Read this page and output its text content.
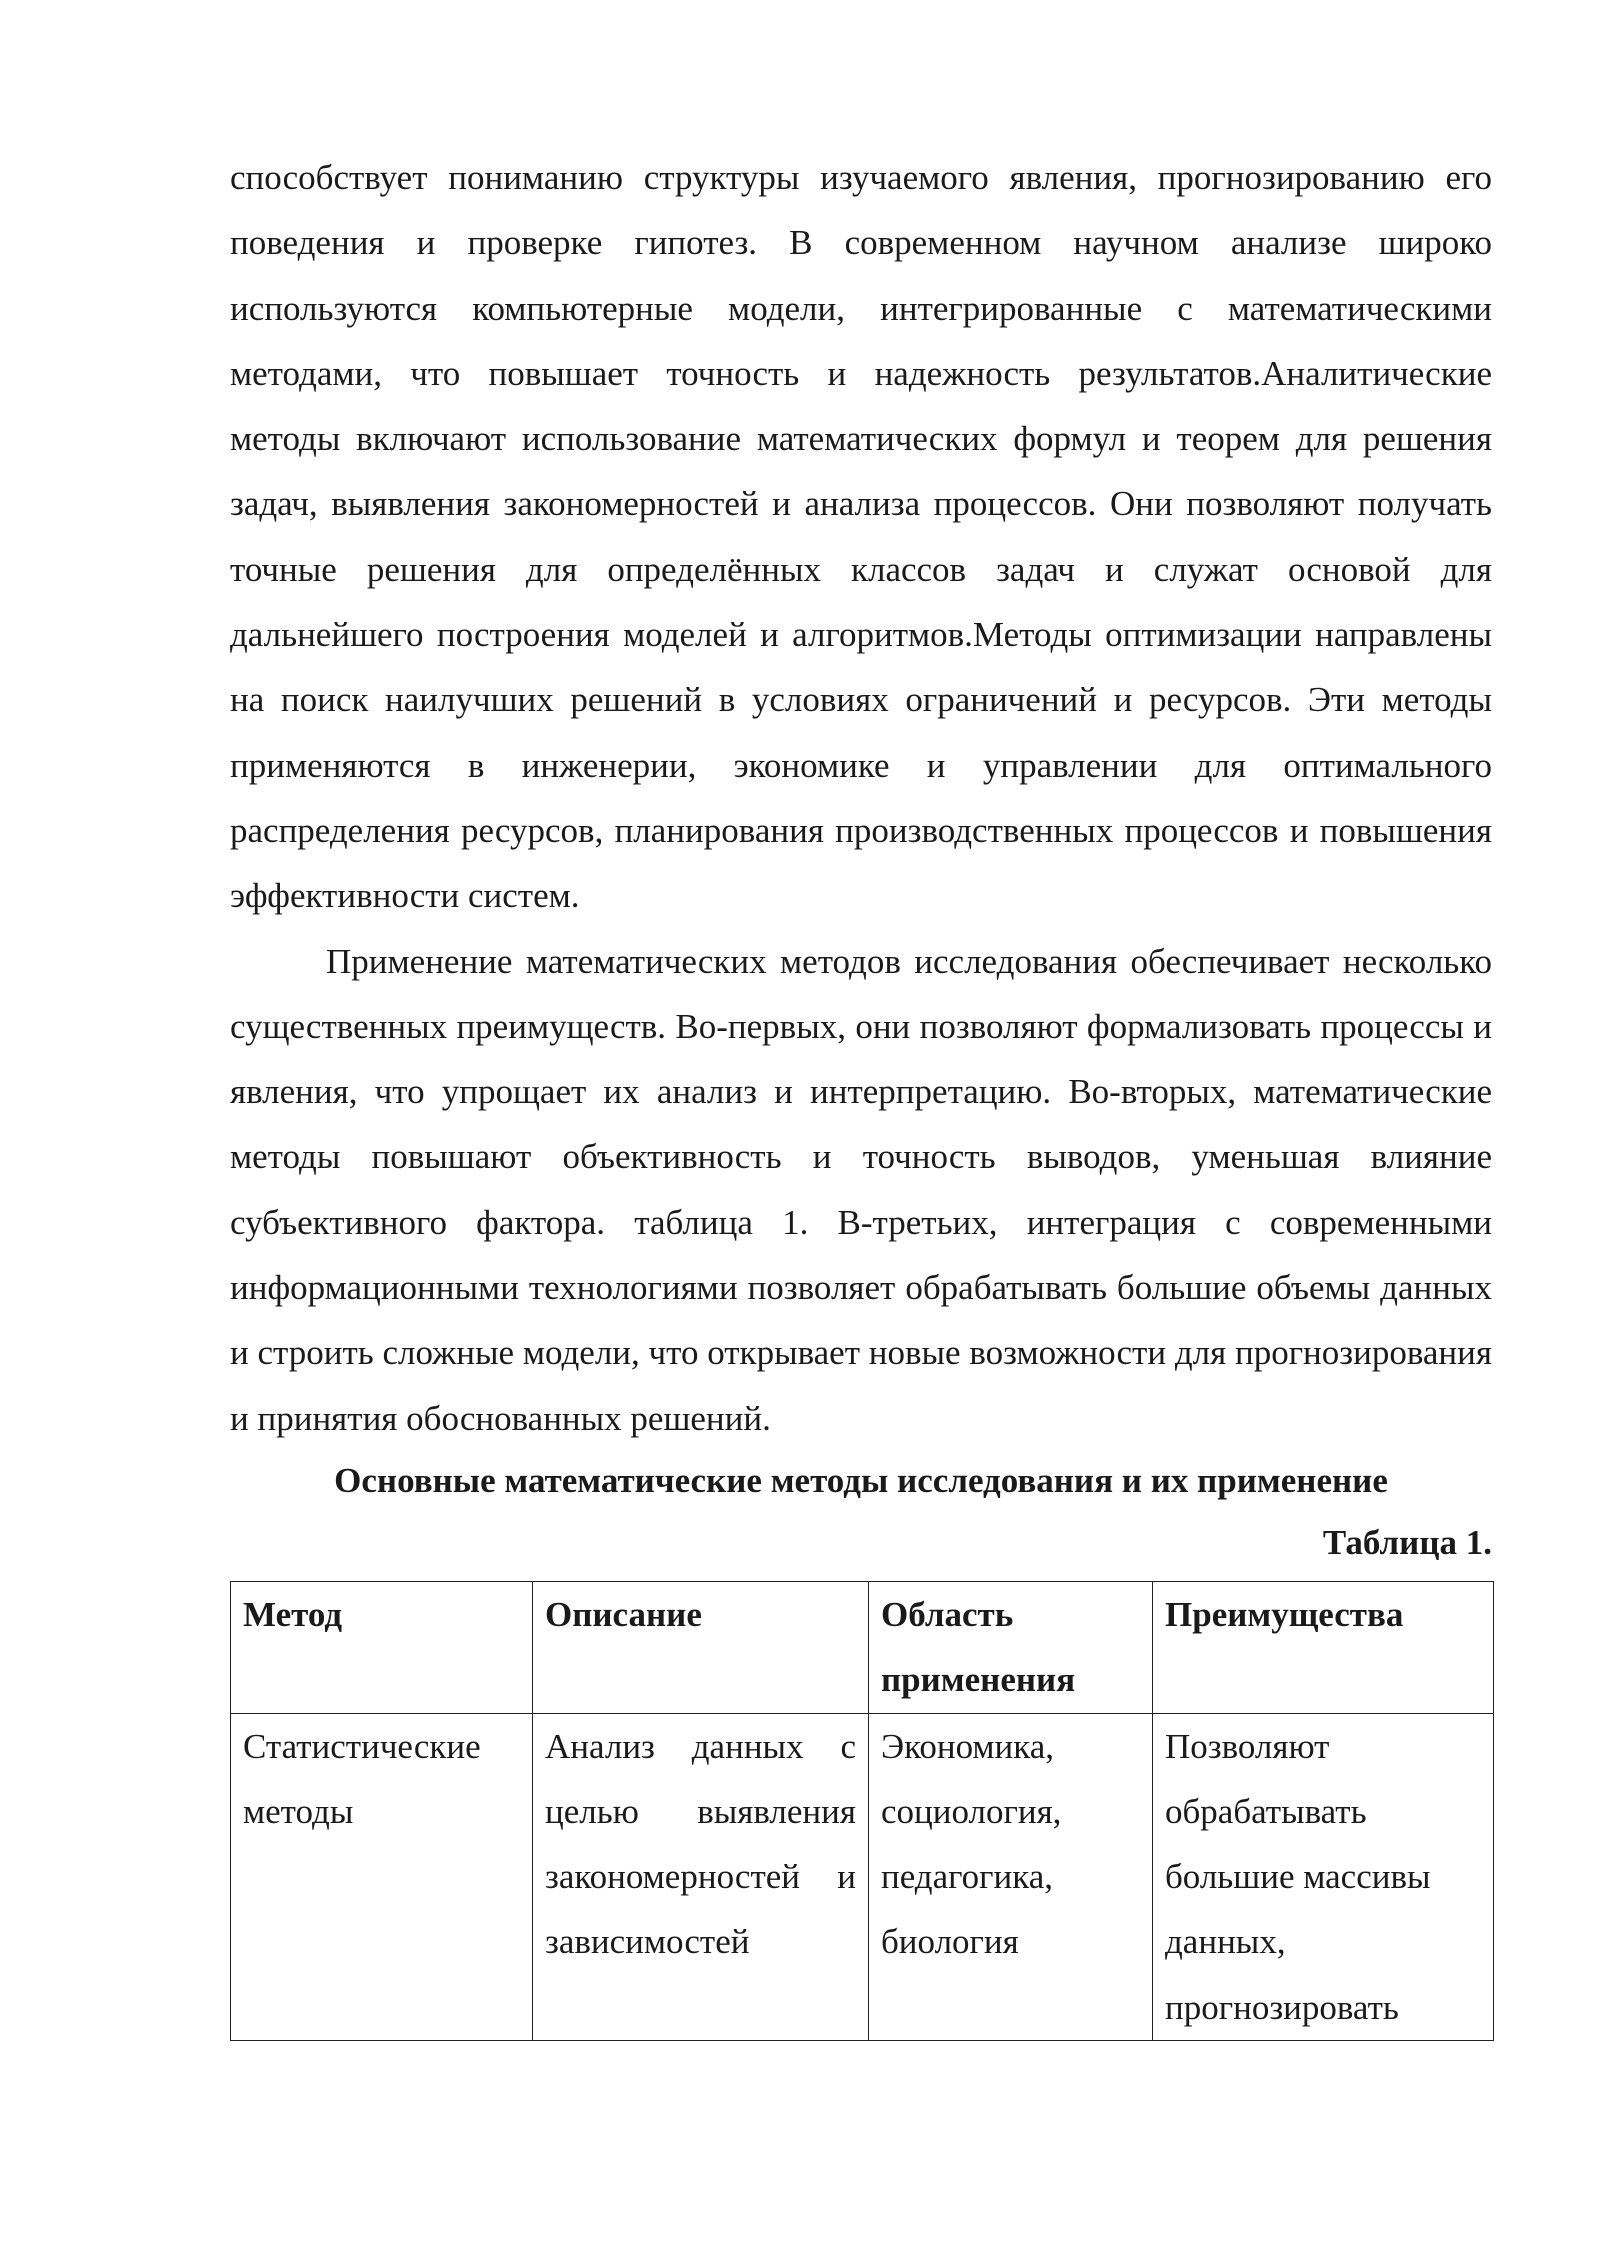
способствует пониманию структуры изучаемого явления, прогнозированию его поведения и проверке гипотез. В современном научном анализе широко используются компьютерные модели, интегрированные с математическими методами, что повышает точность и надежность результатов.Аналитические методы включают использование математических формул и теорем для решения задач, выявления закономерностей и анализа процессов. Они позволяют получать точные решения для определённых классов задач и служат основой для дальнейшего построения моделей и алгоритмов.Методы оптимизации направлены на поиск наилучших решений в условиях ограничений и ресурсов. Эти методы применяются в инженерии, экономике и управлении для оптимального распределения ресурсов, планирования производственных процессов и повышения эффективности систем.

Применение математических методов исследования обеспечивает несколько существенных преимуществ. Во-первых, они позволяют формализовать процессы и явления, что упрощает их анализ и интерпретацию. Во-вторых, математические методы повышают объективность и точность выводов, уменьшая влияние субъективного фактора. таблица 1. В-третьих, интеграция с современными информационными технологиями позволяет обрабатывать большие объемы данных и строить сложные модели, что открывает новые возможности для прогнозирования и принятия обоснованных решений.

Основные математические методы исследования и их применение

Таблица 1.

Метод	Описание	Область применения	Преимущества
Статистические методы	Анализ данных с целью выявления закономерностей и зависимостей	Экономика, социология, педагогика, биология	Позволяют обрабатывать большие массивы данных, прогнозировать
